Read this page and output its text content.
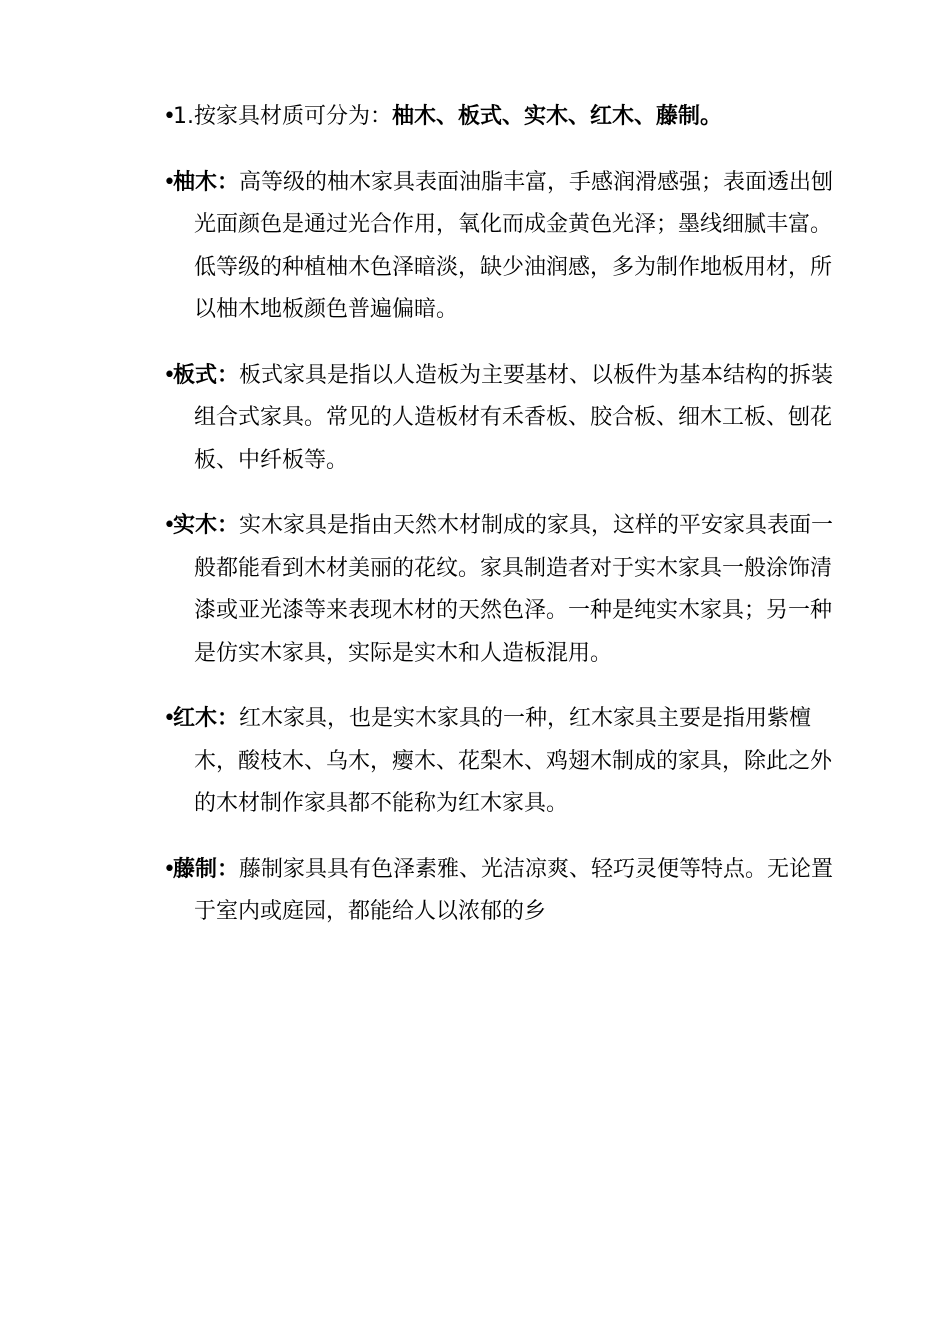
•
1.按家具材质可分为：柚木、板式、实木、红木、藤制。

•
柚木：高等级的柚木家具表面油脂丰富，手感润滑感强；表面透出刨光面颜色是通过光合作用，氧化而成金黄色光泽；墨线细腻丰富。低等级的种植柚木色泽暗淡，缺少油润感，多为制作地板用材，所以柚木地板颜色普遍偏暗。

•
板式：板式家具是指以人造板为主要基材、以板件为基本结构的拆装组合式家具。常见的人造板材有禾香板、胶合板、细木工板、刨花板、中纤板等。

•
实木：实木家具是指由天然木材制成的家具，这样的平安家具表面一般都能看到木材美丽的花纹。家具制造者对于实木家具一般涂饰清漆或亚光漆等来表现木材的天然色泽。一种是纯实木家具；另一种是仿实木家具，实际是实木和人造板混用。

•
红木：红木家具，也是实木家具的一种，红木家具主要是指用紫檀木，酸枝木、乌木，瘿木、花梨木、鸡翅木制成的家具，除此之外的木材制作家具都不能称为红木家具。

•
藤制：藤制家具具有色泽素雅、光洁凉爽、轻巧灵便等特点。无论置于室内或庭园，都能给人以浓郁的乡
